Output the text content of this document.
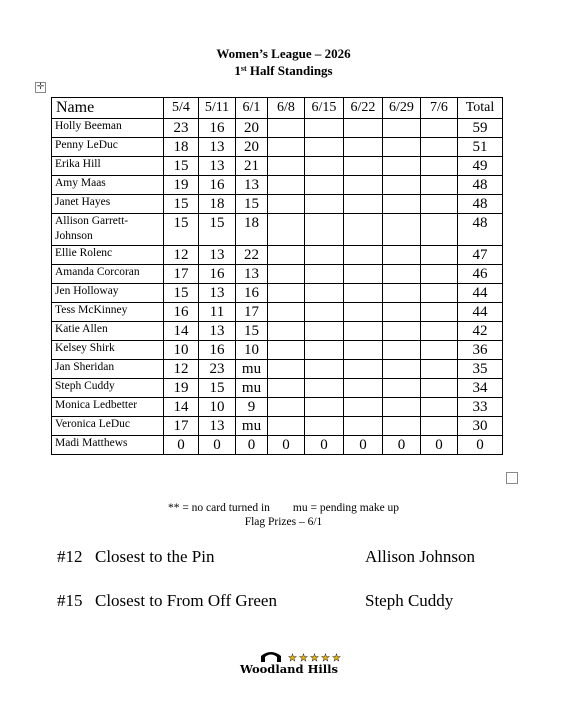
Women’s League – 2026
1st Half Standings
✛
Name	5/4	5/11	6/1	6/8	6/15	6/22	6/29	7/6	Total
Holly Beeman	23	16	20						59
Penny LeDuc	18	13	20						51
Erika Hill	15	13	21						49
Amy Maas	19	16	13						48
Janet Hayes	15	18	15						48
Allison Garrett-Johnson	15	15	18						48
Ellie Rolenc	12	13	22						47
Amanda Corcoran	17	16	13						46
Jen Holloway	15	13	16						44
Tess McKinney	16	11	17						44
Katie Allen	14	13	15						42
Kelsey Shirk	10	16	10						36
Jan Sheridan	12	23	mu						35
Steph Cuddy	19	15	mu						34
Monica Ledbetter	14	10	9						33
Veronica LeDuc	17	13	mu						30
Madi Matthews	0	0	0	0	0	0	0	0	0
** = no card turned in mu = pending make up
Flag Prizes – 6/1
#12 Closest to the Pin	Allison Johnson
#15 Closest to From Off Green	Steph Cuddy
★ ★ ★ ★ ★
Woodland Hills
